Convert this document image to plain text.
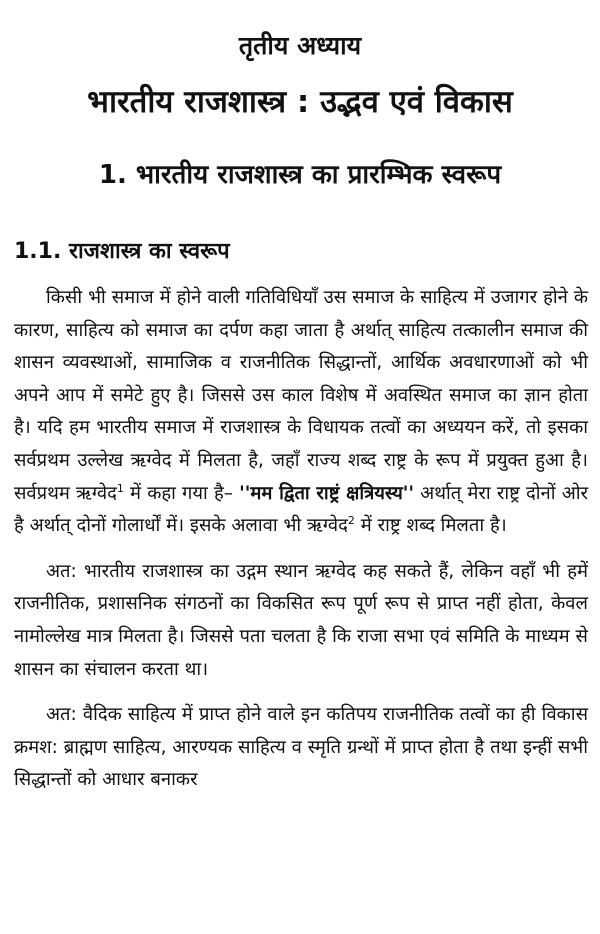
तृतीय अध्याय
भारतीय राजशास्त्र : उद्भव एवं विकास
1. भारतीय राजशास्त्र का प्रारम्भिक स्वरूप
1.1. राजशास्त्र का स्वरूप

किसी भी समाज में होने वाली गतिविधियाँ उस समाज के साहित्य में उजागर होने के कारण, साहित्य को समाज का दर्पण कहा जाता है अर्थात् साहित्य तत्कालीन समाज की शासन व्यवस्थाओं, सामाजिक व राजनीतिक सिद्धान्तों, आर्थिक अवधारणाओं को भी अपने आप में समेटे हुए है। जिससे उस काल विशेष में अवस्थित समाज का ज्ञान होता है। यदि हम भारतीय समाज में राजशास्त्र के विधायक तत्वों का अध्ययन करें, तो इसका सर्वप्रथम उल्लेख ऋग्वेद में मिलता है, जहाँ राज्य शब्द राष्ट्र के रूप में प्रयुक्त हुआ है। सर्वप्रथम ऋग्वेद$^1$ में कहा गया है– ''मम द्विता राष्ट्रं क्षत्रियस्य'' अर्थात् मेरा राष्ट्र दोनों ओर है अर्थात् दोनों गोलार्धों में। इसके अलावा भी ऋग्वेद$^2$ में राष्ट्र शब्द मिलता है।

अत: भारतीय राजशास्त्र का उद्गम स्थान ऋग्वेद कह सकते हैं, लेकिन वहाँ भी हमें राजनीतिक, प्रशासनिक संगठनों का विकसित रूप पूर्ण रूप से प्राप्त नहीं होता, केवल नामोल्लेख मात्र मिलता है। जिससे पता चलता है कि राजा सभा एवं समिति के माध्यम से शासन का संचालन करता था।

अत: वैदिक साहित्य में प्राप्त होने वाले इन कतिपय राजनीतिक तत्वों का ही विकास क्रमश: ब्राह्मण साहित्य, आरण्यक साहित्य व स्मृति ग्रन्थों में प्राप्त होता है तथा इन्हीं सभी सिद्धान्तों को आधार बनाकर
